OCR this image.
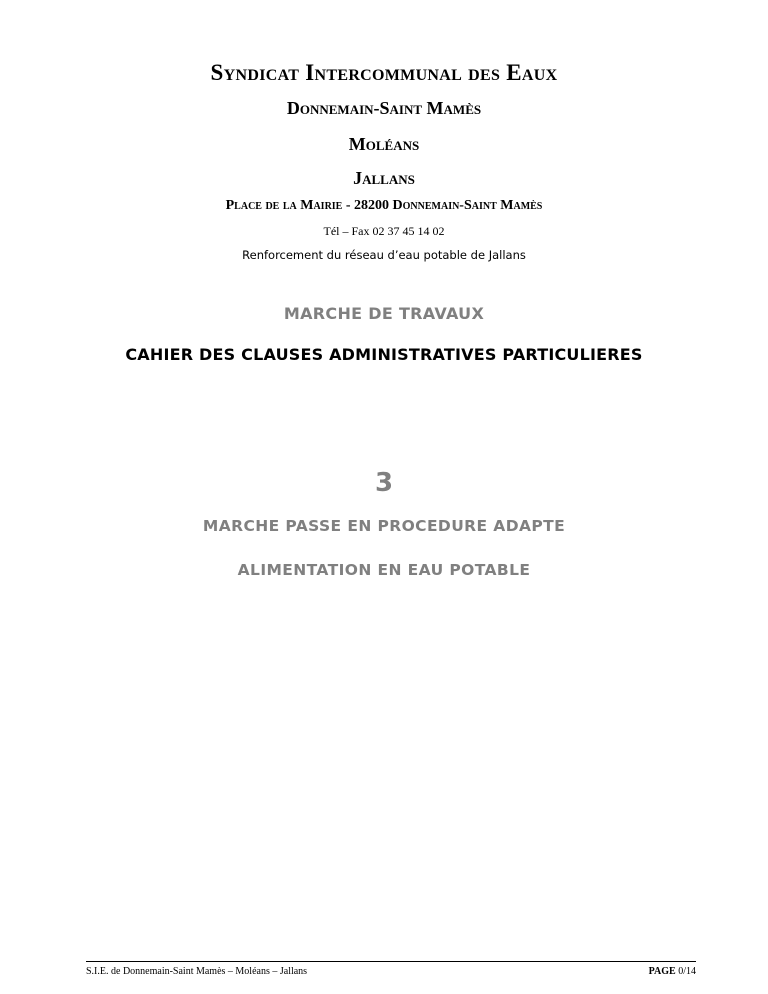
Syndicat Intercommunal des Eaux
Donnemain-Saint Mamès
Moléans
Jallans
Place de la Mairie - 28200 Donnemain-Saint Mamès
Tél – Fax 02 37 45 14 02
Renforcement du réseau d’eau potable de Jallans
MARCHE DE TRAVAUX
CAHIER DES CLAUSES ADMINISTRATIVES PARTICULIERES
3
MARCHE PASSE EN PROCEDURE ADAPTE
ALIMENTATION EN EAU POTABLE
S.I.E. de Donnemain-Saint Mamès – Moléans – Jallans	PAGE 0/14
